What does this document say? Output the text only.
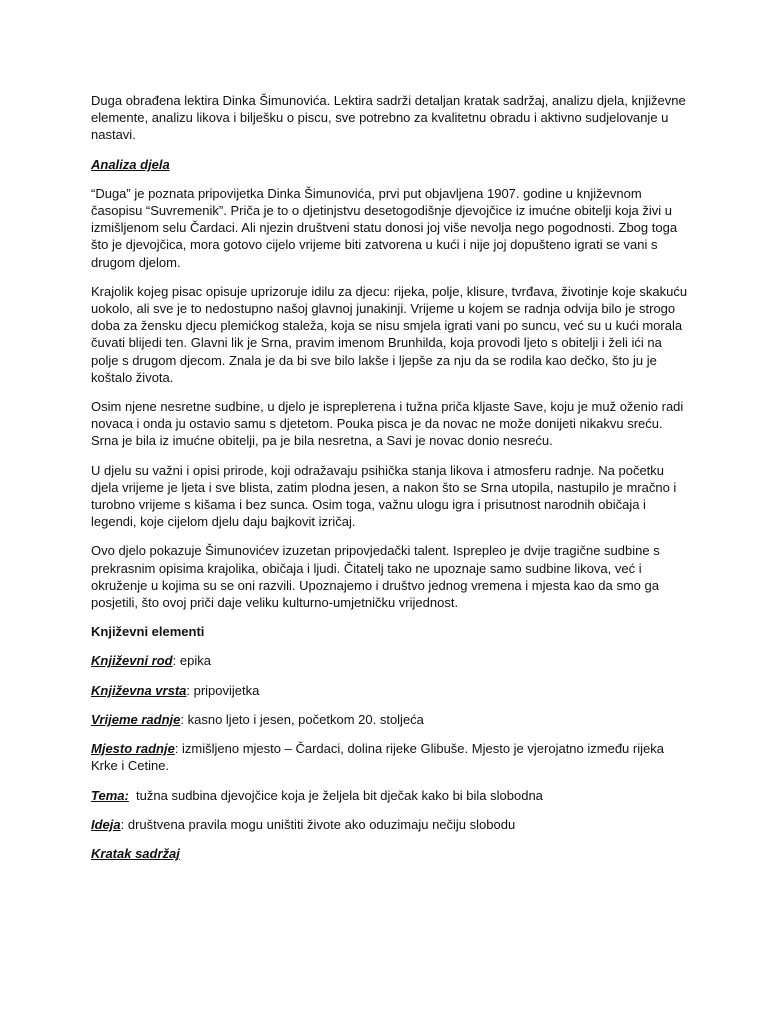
Duga obrađena lektira Dinka Šimunovića. Lektira sadrži detaljan kratak sadržaj, analizu djela, književne elemente, analizu likova i bilješku o piscu, sve potrebno za kvalitetnu obradu i aktivno sudjelovanje u nastavi.

Analiza djela

“Duga” je poznata pripovijetka Dinka Šimunovića, prvi put objavljena 1907. godine u književnom časopisu “Suvremenik”. Priča je to o djetinjstvu desetogodišnje djevojčice iz imućne obitelji koja živi u izmišljenom selu Čardaci. Ali njezin društveni statu donosi joj više nevolja nego pogodnosti. Zbog toga što je djevojčica, mora gotovo cijelo vrijeme biti zatvorena u kući i nije joj dopušteno igrati se vani s drugom djelom.

Krajolik kojeg pisac opisuje uprizoruje idilu za djecu: rijeka, polje, klisure, tvrđava, životinje koje skakuću uokolo, ali sve je to nedostupno našoj glavnoj junakinji. Vrijeme u kojem se radnja odvija bilo je strogo doba za žensku djecu plemićkog staleža, koja se nisu smjela igrati vani po suncu, već su u kući morala čuvati blijedi ten. Glavni lik je Srna, pravim imenom Brunhilda, koja provodi ljeto s obitelji i želi ići na polje s drugom djecom. Znala je da bi sve bilo lakše i ljepše za nju da se rodila kao dečko, što ju je koštalo života.

Osim njene nesretne sudbine, u djelo je ispreplетena i tužna priča kljaste Save, koju je muž oženio radi novaca i onda ju ostavio samu s djetetom. Pouka pisca je da novac ne može donijeti nikakvu sreću. Srna je bila iz imućne obitelji, pa je bila nesretna, a Savi je novac donio nesreću.

U djelu su važni i opisi prirode, koji odražavaju psihička stanja likova i atmosferu radnje. Na početku djela vrijeme je ljeta i sve blista, zatim plodna jesen, a nakon što se Srna utopila, nastupilo je mračno i turobno vrijeme s kišama i bez sunca. Osim toga, važnu ulogu igra i prisutnost narodnih običaja i legendi, koje cijelom djelu daju bajkovit izričaj.

Ovo djelo pokazuje Šimunovićev izuzetan pripovjedački talent. Isprepleo je dvije tragične sudbine s prekrasnim opisima krajolika, običaja i ljudi. Čitatelj tako ne upoznaje samo sudbine likova, već i okruženje u kojima su se oni razvili. Upoznajemo i društvo jednog vremena i mjesta kao da smo ga posjetili, što ovoj priči daje veliku kulturno-umjetničku vrijednost.

Književni elementi

Književni rod: epika

Književna vrsta: pripovijetka

Vrijeme radnje: kasno ljeto i jesen, početkom 20. stoljeća

Mjesto radnje: izmišljeno mjesto – Čardaci, dolina rijeke Glibuše. Mjesto je vjerojatno između rijeka Krke i Cetine.

Tema: tužna sudbina djevojčice koja je željela bit dječak kako bi bila slobodna

Ideja: društvena pravila mogu uništiti živote ako oduzimaju nečiju slobodu

Kratak sadržaj
